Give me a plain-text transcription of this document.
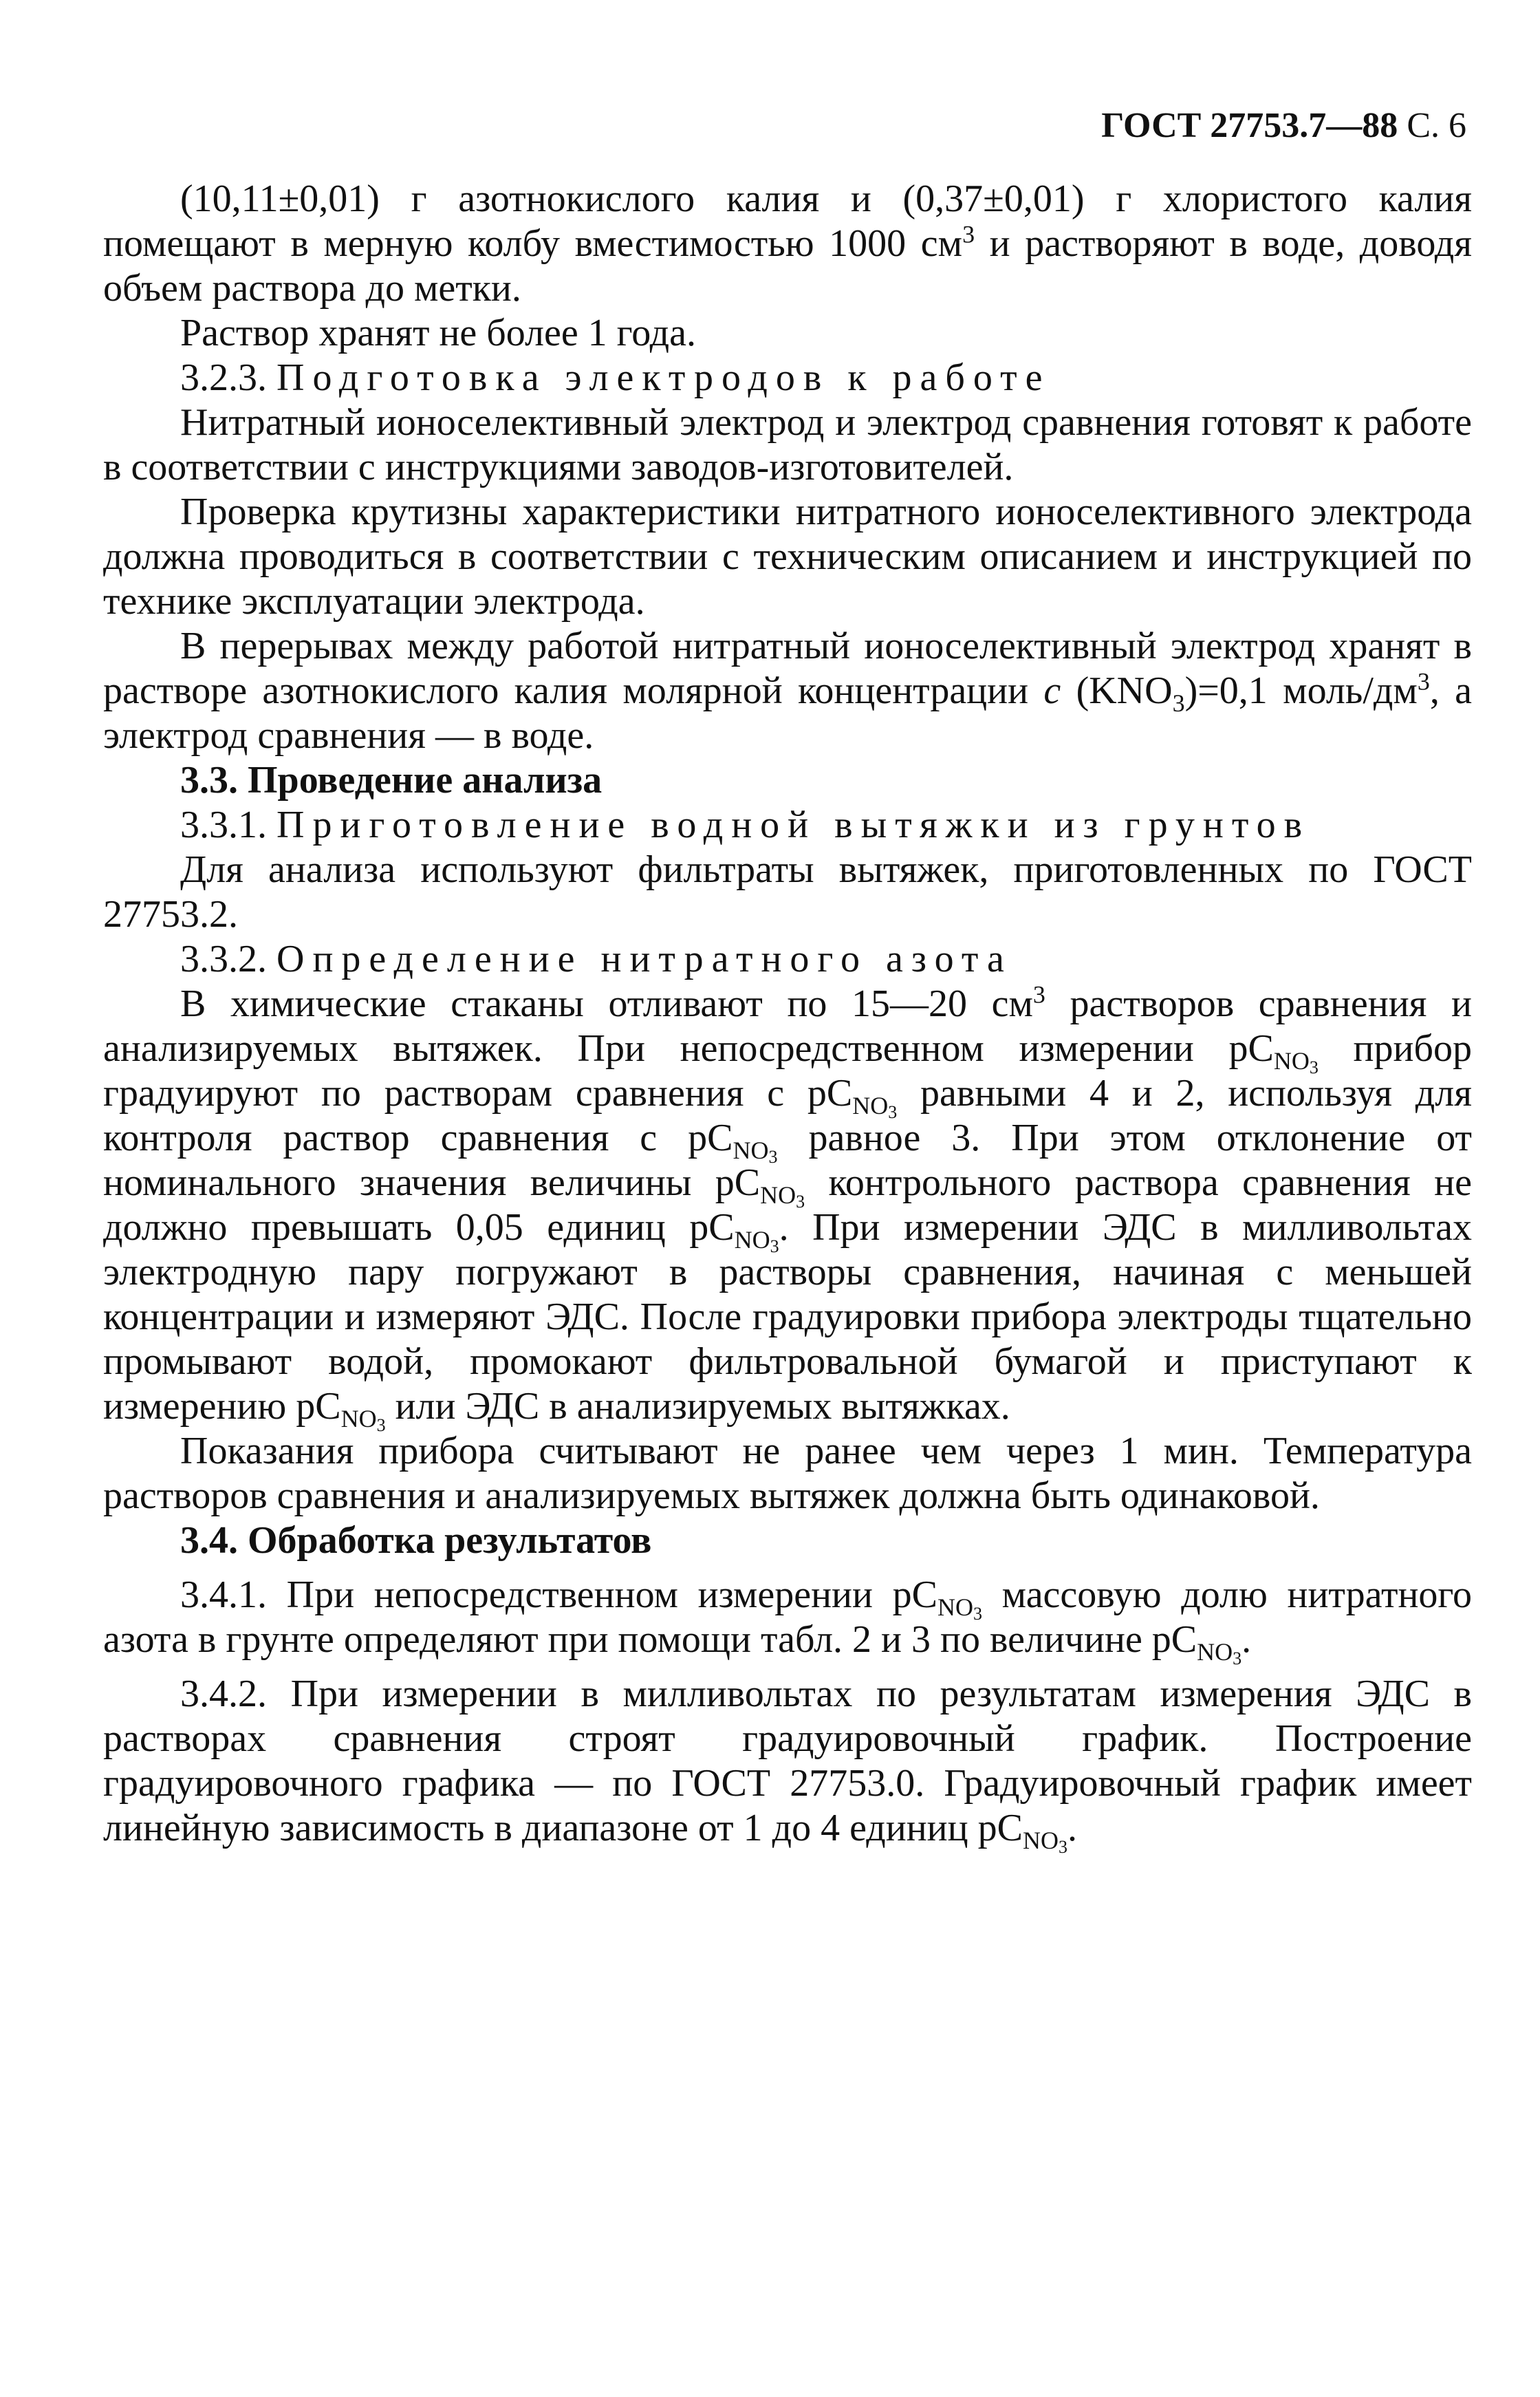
ГОСТ 27753.7—88 С. 6

(10,11±0,01) г азотнокислого калия и (0,37±0,01) г хлористого калия помещают в мерную колбу вместимостью 1000 $см^3$ и растворяют в воде, доводя объем раствора до метки.

Раствор хранят не более 1 года.

3.2.3. Подготовка электродов к работе

Нитратный ионоселективный электрод и электрод сравнения готовят к работе в соответствии с инструкциями заводов-изготовителей.

Проверка крутизны характеристики нитратного ионоселективного электрода должна проводиться в соответствии с техническим описанием и инструкцией по технике эксплуатации электрода.

В перерывах между работой нитратный ионоселективный электрод хранят в растворе азотнокислого калия молярной концентрации с $(KNO_3)=0,1$ моль/$дм^3$, а электрод сравнения — в воде.

3.3. Проведение анализа

3.3.1. Приготовление водной вытяжки из грунтов

Для анализа используют фильтраты вытяжек, приготовленных по ГОСТ 27753.2.

3.3.2. Определение нитратного азота

В химические стаканы отливают по 15—20 $см^3$ растворов сравнения и анализируемых вытяжек. При непосредственном измерении $pC_{NO_3}$ прибор градуируют по растворам сравнения с $pC_{NO_3}$ равными 4 и 2, используя для контроля раствор сравнения с $pC_{NO_3}$ равное 3. При этом отклонение от номинального значения величины $pC_{NO_3}$ контрольного раствора сравнения не должно превышать 0,05 единиц $pC_{NO_3}$. При измерении ЭДС в милливольтах электродную пару погружают в растворы сравнения, начиная с меньшей концентрации и измеряют ЭДС. После градуировки прибора электроды тщательно промывают водой, промокают фильтровальной бумагой и приступают к измерению $pC_{NO_3}$ или ЭДС в анализируемых вытяжках.

Показания прибора считывают не ранее чем через 1 мин. Температура растворов сравнения и анализируемых вытяжек должна быть одинаковой.

3.4. Обработка результатов

3.4.1. При непосредственном измерении $pC_{NO_3}$ массовую долю нитратного азота в грунте определяют при помощи табл. 2 и 3 по величине $pC_{NO_3}$.

3.4.2. При измерении в милливольтах по результатам измерения ЭДС в растворах сравнения строят градуировочный график. Построение градуировочного графика — по ГОСТ 27753.0. Градуировочный график имеет линейную зависимость в диапазоне от 1 до 4 единиц $pC_{NO_3}$.
